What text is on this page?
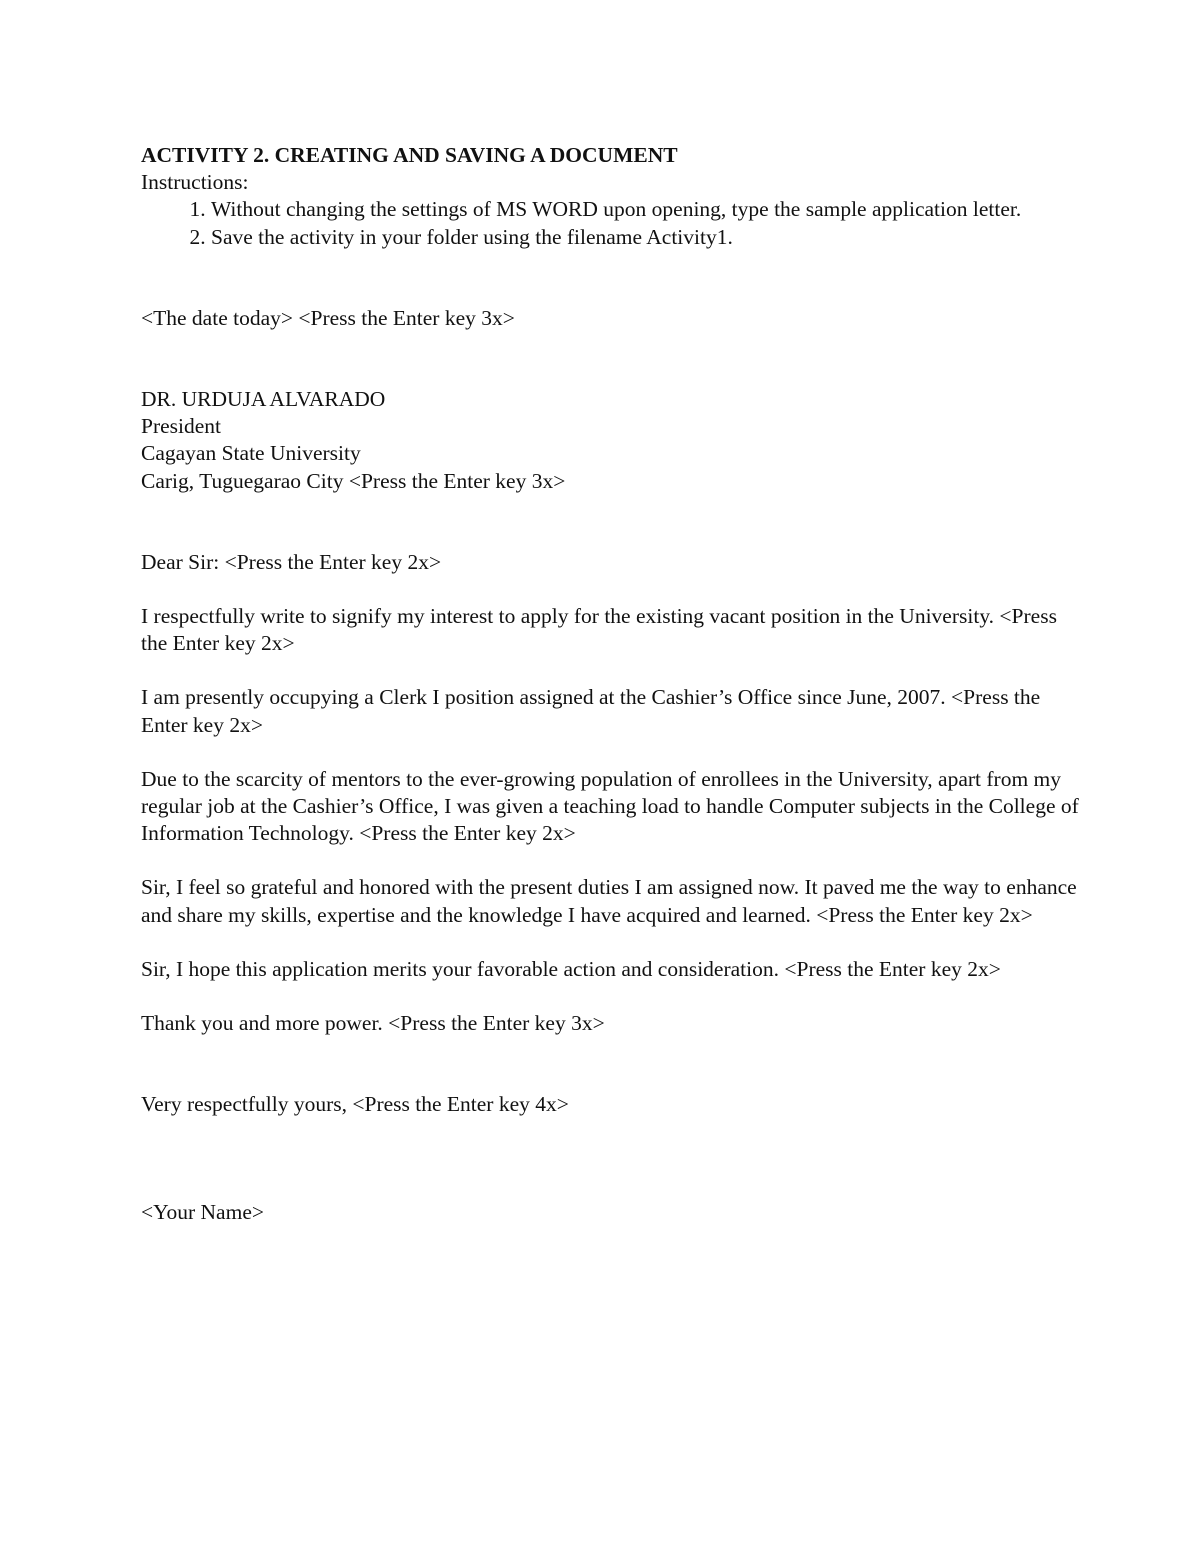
ACTIVITY 2. CREATING AND SAVING A DOCUMENT

Instructions:

1. Without changing the settings of MS WORD upon opening, type the sample application letter.
2. Save the activity in your folder using the filename Activity1.

<The date today> <Press the Enter key 3x>

DR. URDUJA ALVARADO

President

Cagayan State University

Carig, Tuguegarao City <Press the Enter key 3x>

Dear Sir: <Press the Enter key 2x>

I respectfully write to signify my interest to apply for the existing vacant position in the University. <Press the Enter key 2x>

I am presently occupying a Clerk I position assigned at the Cashier’s Office since June, 2007. <Press the Enter key 2x>

Due to the scarcity of mentors to the ever-growing population of enrollees in the University, apart from my regular job at the Cashier’s Office, I was given a teaching load to handle Computer subjects in the College of Information Technology. <Press the Enter key 2x>

Sir, I feel so grateful and honored with the present duties I am assigned now. It paved me the way to enhance and share my skills, expertise and the knowledge I have acquired and learned. <Press the Enter key 2x>

Sir, I hope this application merits your favorable action and consideration. <Press the Enter key 2x>

Thank you and more power. <Press the Enter key 3x>

Very respectfully yours, <Press the Enter key 4x>

<Your Name>
